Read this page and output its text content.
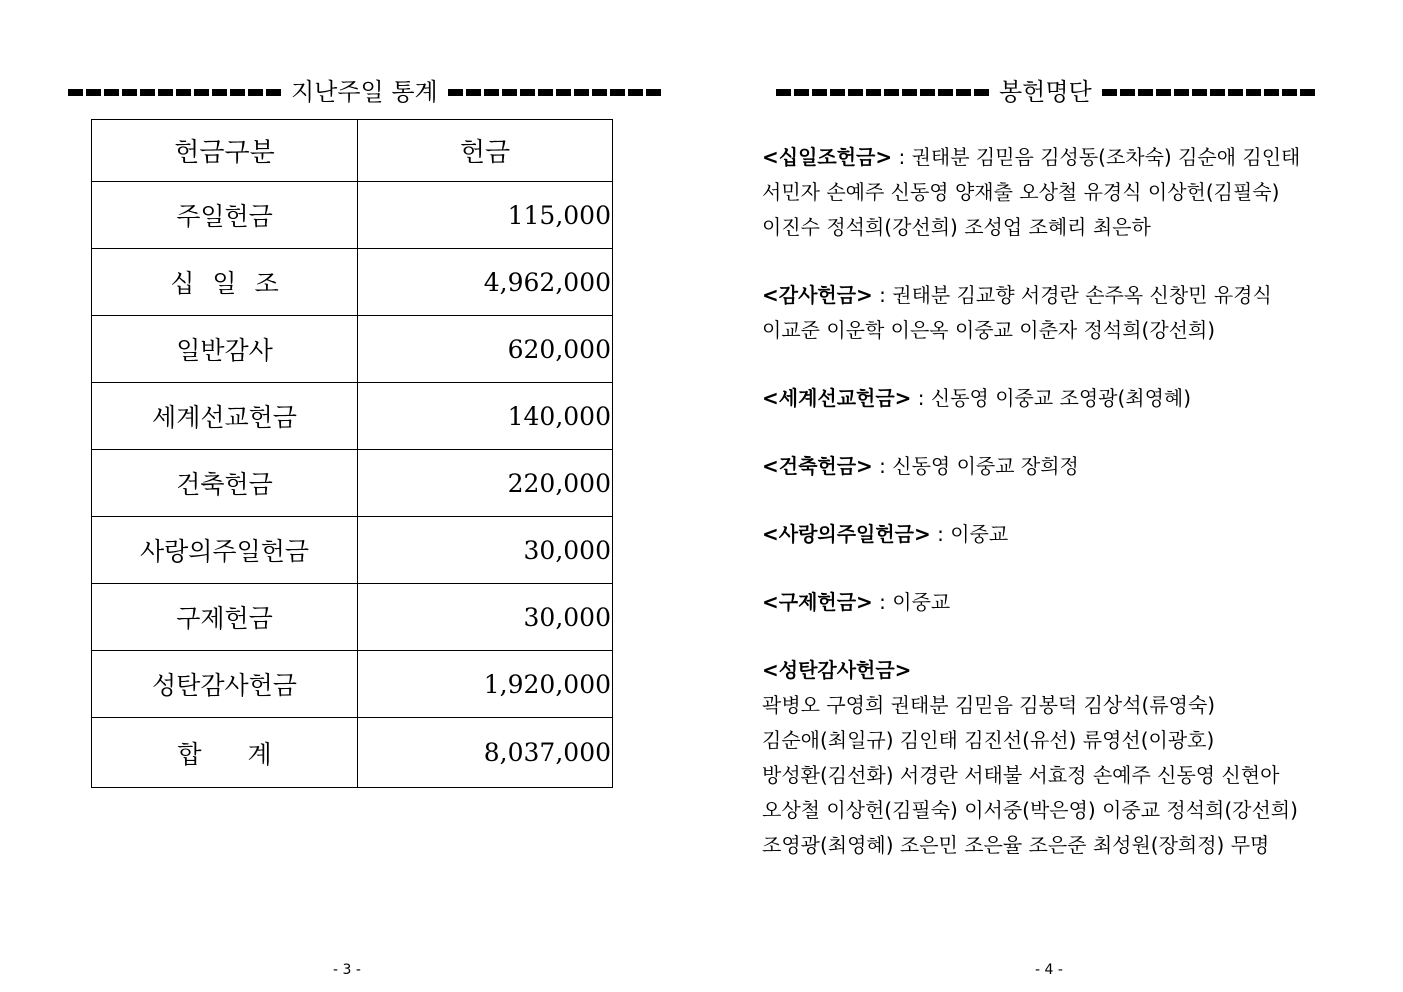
지난주일 통계
헌금구분	헌금
주일헌금	115,000
십일조	4,962,000
일반감사	620,000
세계선교헌금	140,000
건축헌금	220,000
사랑의주일헌금	30,000
구제헌금	30,000
성탄감사헌금	1,920,000
합계	8,037,000
- 3 -
봉헌명단

<십일조헌금> : 권태분 김믿음 김성동(조차숙) 김순애 김인태

서민자 손예주 신동영 양재출 오상철 유경식 이상헌(김필숙)

이진수 정석희(강선희) 조성업 조혜리 최은하

<감사헌금> : 권태분 김교향 서경란 손주옥 신창민 유경식

이교준 이운학 이은옥 이중교 이춘자 정석희(강선희)

<세계선교헌금> : 신동영 이중교 조영광(최영혜)

<건축헌금> : 신동영 이중교 장희정

<사랑의주일헌금> : 이중교

<구제헌금> : 이중교

<성탄감사헌금>

곽병오 구영희 권태분 김믿음 김봉덕 김상석(류영숙)

김순애(최일규) 김인태 김진선(유선) 류영선(이광호)

방성환(김선화) 서경란 서태불 서효정 손예주 신동영 신현아

오상철 이상헌(김필숙) 이서중(박은영) 이중교 정석희(강선희)

조영광(최영혜) 조은민 조은율 조은준 최성원(장희정) 무명

- 4 -
